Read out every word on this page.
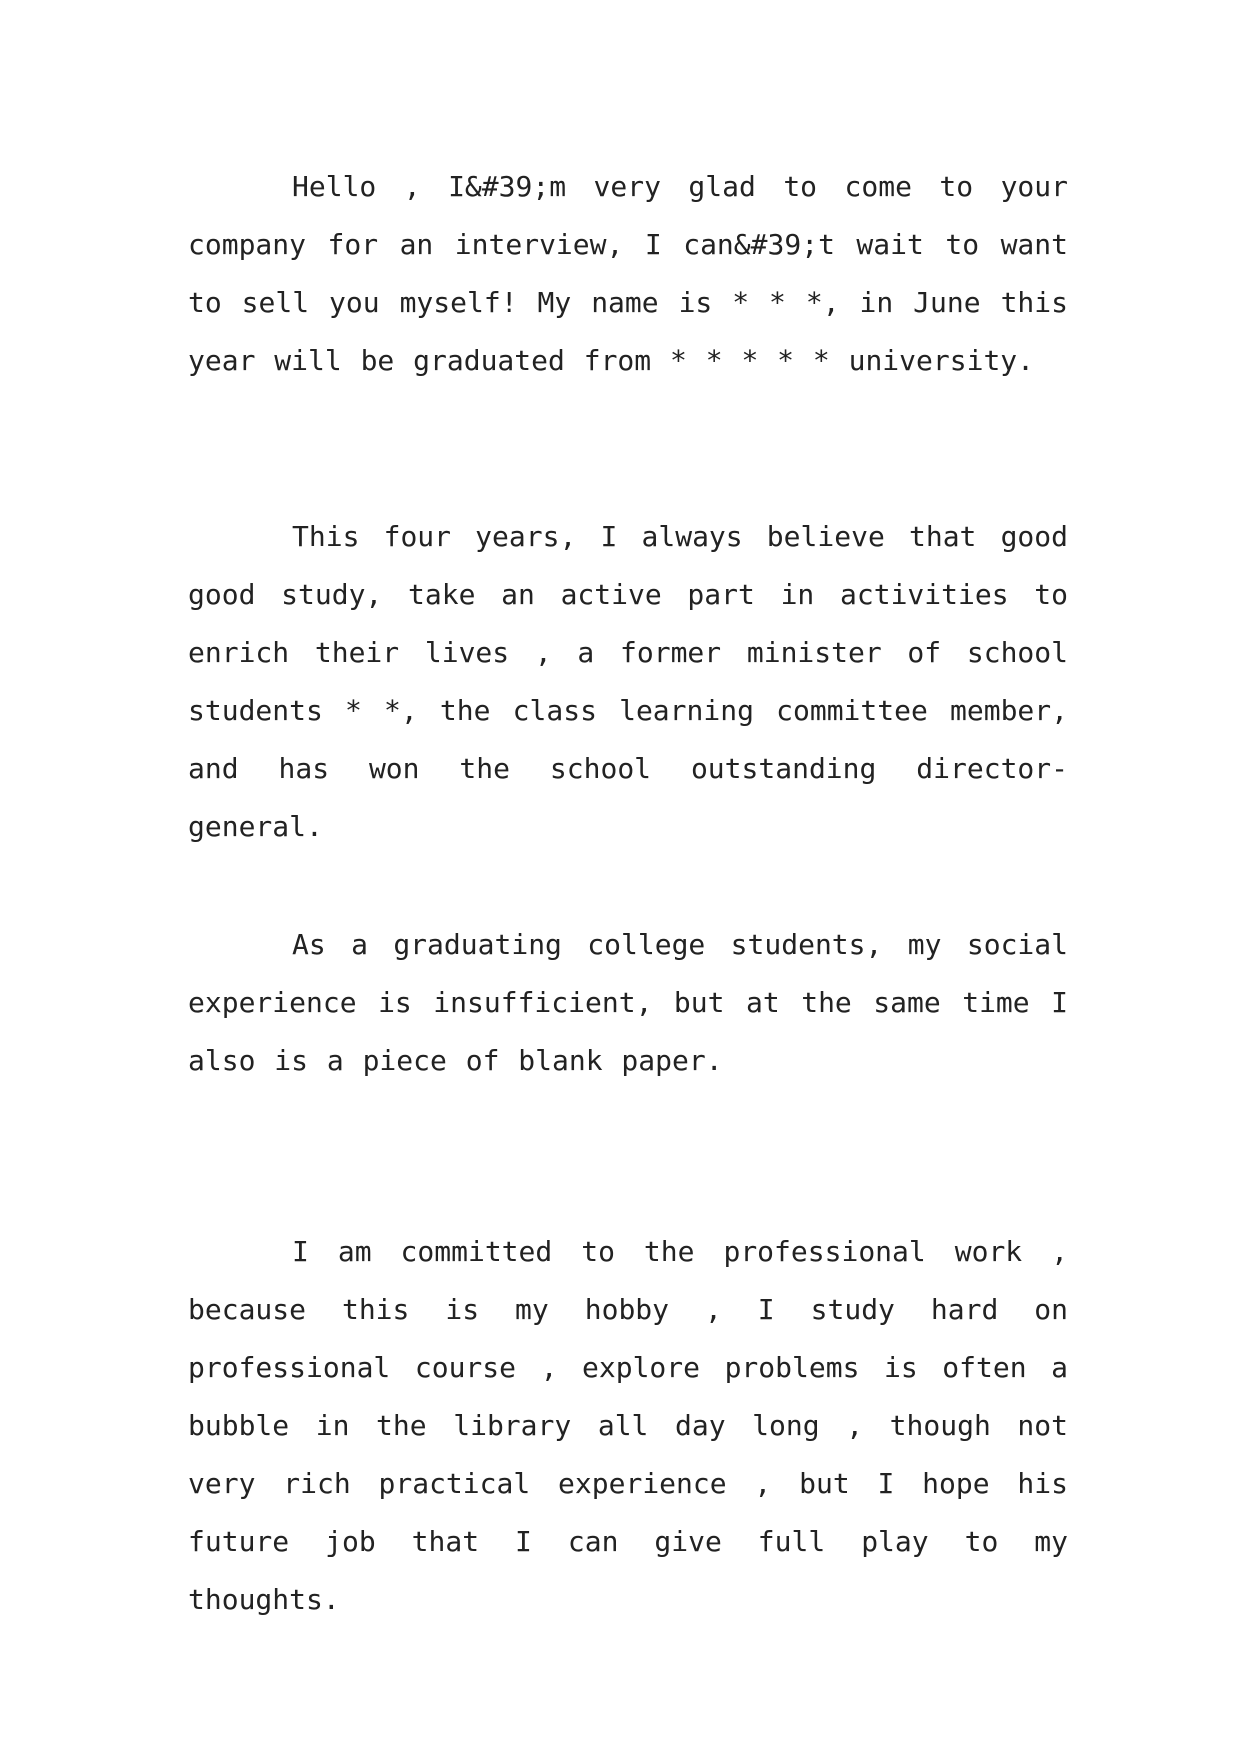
Hello , I&#39;m very glad to come to your company for an interview, I can&#39;t wait to want to sell you myself! My name is * * *, in June this year will be graduated from * * * * * university.

This four years, I always believe that good good study, take an active part in activities to enrich their lives , a former minister of school students * *, the class learning committee member, and has won the school outstanding director-general.

As a graduating college students, my social experience is insufficient, but at the same time I also is a piece of blank paper.

I am committed to the professional work , because this is my hobby , I study hard on professional course , explore problems is often a bubble in the library all day long , though not very rich practical experience , but I hope his future job that I can give full play to my thoughts.
